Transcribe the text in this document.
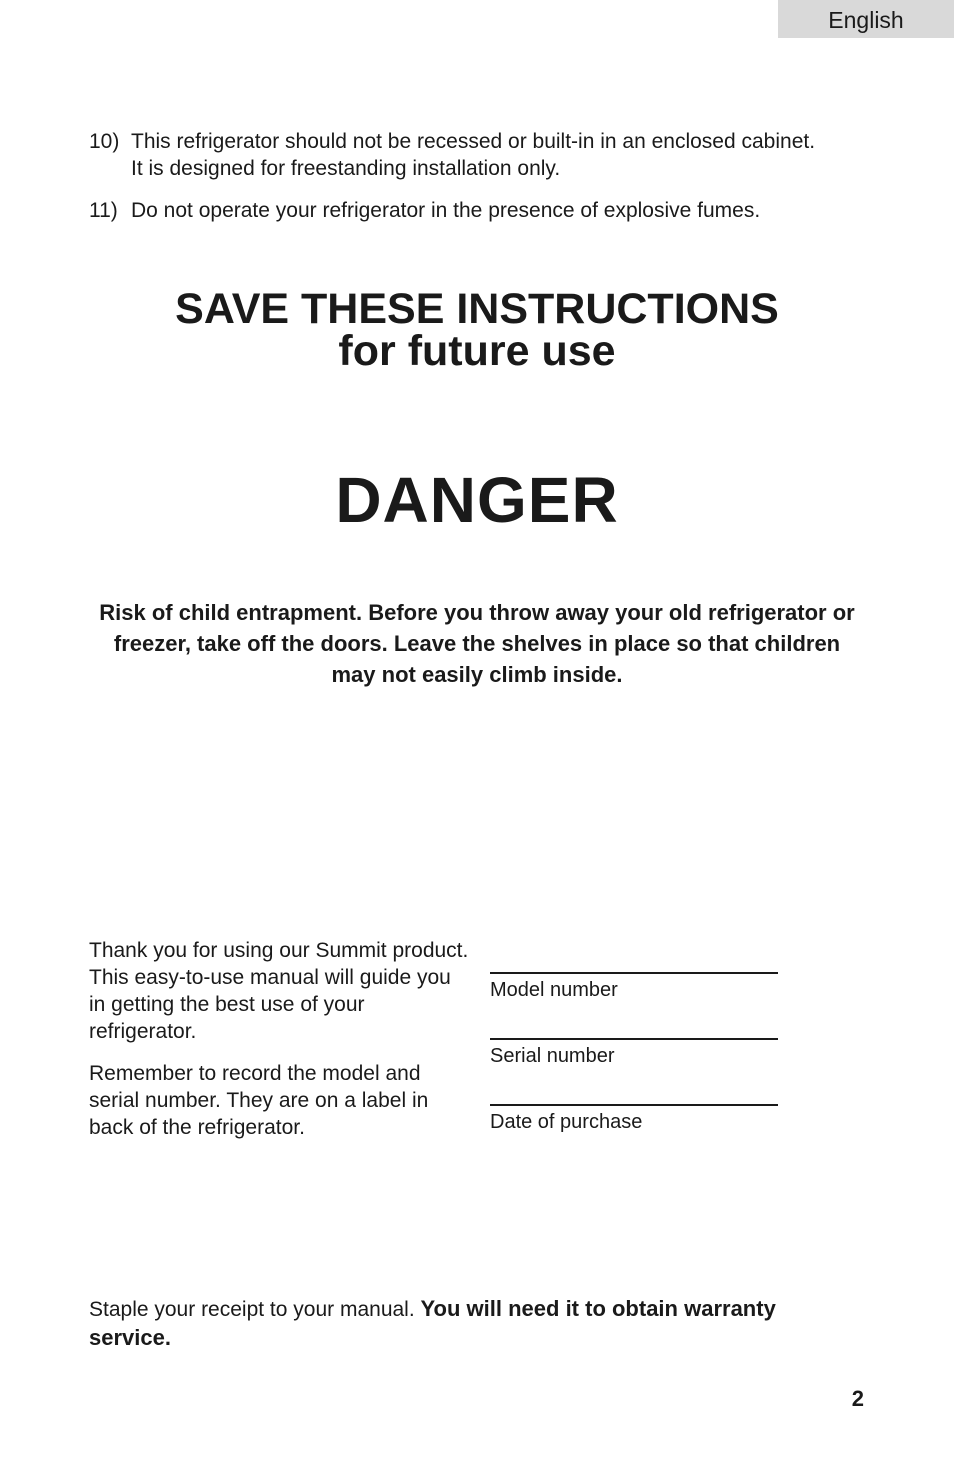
English
10) This refrigerator should not be recessed or built-in in an enclosed cabinet. It is designed for freestanding installation only.
11) Do not operate your refrigerator in the presence of explosive fumes.
SAVE THESE INSTRUCTIONS
for future use
DANGER
Risk of child entrapment. Before you throw away your old refrigerator or freezer, take off the doors. Leave the shelves in place so that children may not easily climb inside.
Thank you for using our Summit product. This easy-to-use manual will guide you in getting the best use of your refrigerator.
Remember to record the model and serial number. They are on a label in back of the refrigerator.
Model number
Serial number
Date of purchase
Staple your receipt to your manual. You will need it to obtain warranty service.
2
